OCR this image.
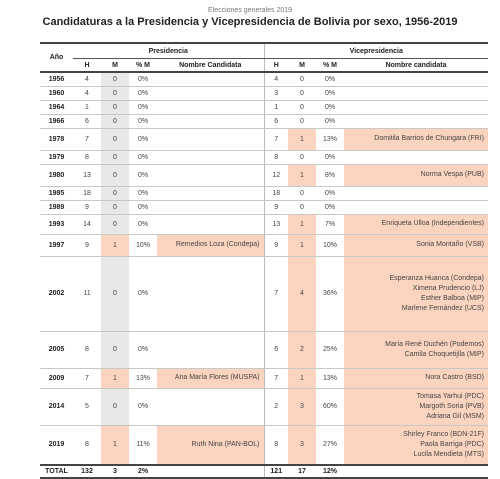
Elecciones generales 2019
Candidaturas a la Presidencia y Vicepresidencia de Bolivia por sexo, 1956-2019
Año	Presidencia				Vicepresidencia			
	H	M	% M	Nombre Candidata	H	M	% M	Nombre candidata
1956	4	0	0%		4	0	0%	
1960	4	0	0%		3	0	0%	
1964	1	0	0%		1	0	0%	
1966	6	0	0%		6	0	0%	
1978	7	0	0%		7	1	13%	Domitila Barrios de Chungara (FRI)
1979	8	0	0%		8	0	0%	
1980	13	0	0%		12	1	8%	Norma Vespa (PUB)
1985	18	0	0%		18	0	0%	
1989	9	0	0%		9	0	0%	
1993	14	0	0%		13	1	7%	Enriqueta Ulloa (Independientes)
1997	9	1	10%	Remedios Loza (Condepa)	9	1	10%	Sonia Montaño (VSB)
2002	11	0	0%		7	4	36%	Esperanza Huanca (Condepa)
Ximena Prudencio (LJ)
Esther Balboa (MIP)
Marlene Fernández (UCS)
2005	8	0	0%		6	2	25%	María René Duchén (Podemos)
Camila Choquetijlla (MIP)
2009	7	1	13%	Ana María Flores (MUSPA)	7	1	13%	Nora Castro (BSD)
2014	5	0	0%		2	3	60%	Tomasa Yarhui (PDC)
Margoth Soria (PVB)
Adriana Gil (MSM)
2019	8	1	11%	Ruth Nina (PAN-BOL)	8	3	27%	Shirley Franco (BDN-21F)
Paola Barriga (PDC)
Lucila Mendieta (MTS)
TOTAL	132	3	2%		121	17	12%	
